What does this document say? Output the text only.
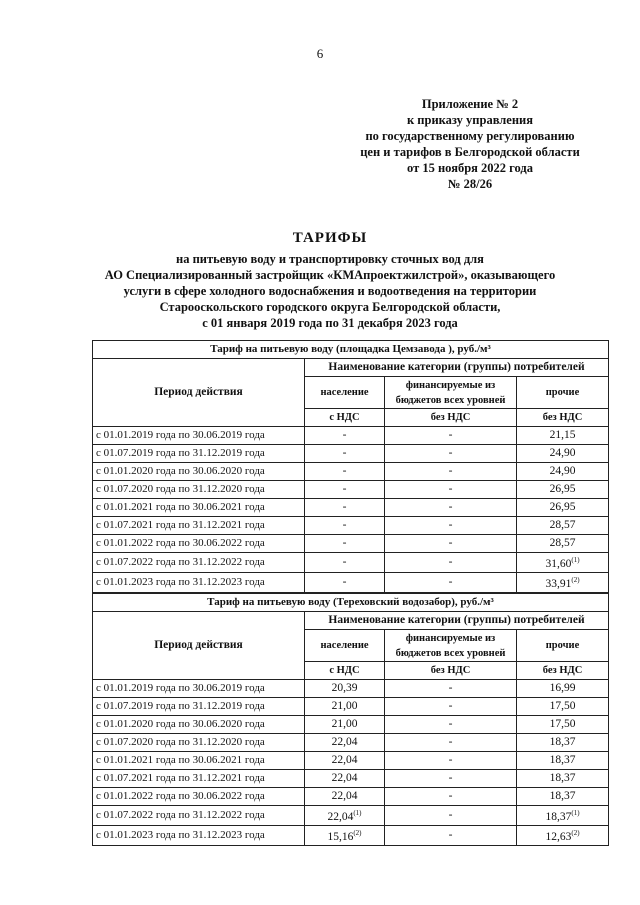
6
Приложение № 2
к приказу управления
по государственному регулированию
цен и тарифов в Белгородской области
от 15 ноября 2022 года
№ 28/26
ТАРИФЫ
на питьевую воду и транспортировку сточных вод для
АО Специализированный застройщик «КМАпроектжилстрой», оказывающего
услуги в сфере холодного водоснабжения и водоотведения на территории
Старооскольского городского округа Белгородской области,
с 01 января 2019 года по 31 декабря 2023 года
Тариф на питьевую воду (площадка Цемзавода ), руб./м³			
Период действия	Наименование категории (группы) потребителей		
	население	финансируемые из бюджетов всех уровней	прочие
	с НДС	без НДС	без НДС
с 01.01.2019 года по 30.06.2019 года	-	-	21,15
с 01.07.2019 года по 31.12.2019 года	-	-	24,90
с 01.01.2020 года по 30.06.2020 года	-	-	24,90
с 01.07.2020 года по 31.12.2020 года	-	-	26,95
с 01.01.2021 года по 30.06.2021 года	-	-	26,95
с 01.07.2021 года по 31.12.2021 года	-	-	28,57
с 01.01.2022 года по 30.06.2022 года	-	-	28,57
с 01.07.2022 года по 31.12.2022 года	-	-	31,60$^{(1)}$
с 01.01.2023 года по 31.12.2023 года	-	-	33,91$^{(2)}$
Тариф на питьевую воду (Тереховский водозабор), руб./м³			
Период действия	Наименование категории (группы) потребителей		
	население	финансируемые из бюджетов всех уровней	прочие
	с НДС	без НДС	без НДС
с 01.01.2019 года по 30.06.2019 года	20,39	-	16,99
с 01.07.2019 года по 31.12.2019 года	21,00	-	17,50
с 01.01.2020 года по 30.06.2020 года	21,00	-	17,50
с 01.07.2020 года по 31.12.2020 года	22,04	-	18,37
с 01.01.2021 года по 30.06.2021 года	22,04	-	18,37
с 01.07.2021 года по 31.12.2021 года	22,04	-	18,37
с 01.01.2022 года по 30.06.2022 года	22,04	-	18,37
с 01.07.2022 года по 31.12.2022 года	22,04$^{(1)}$	-	18,37$^{(1)}$
с 01.01.2023 года по 31.12.2023 года	15,16$^{(2)}$	-	12,63$^{(2)}$
